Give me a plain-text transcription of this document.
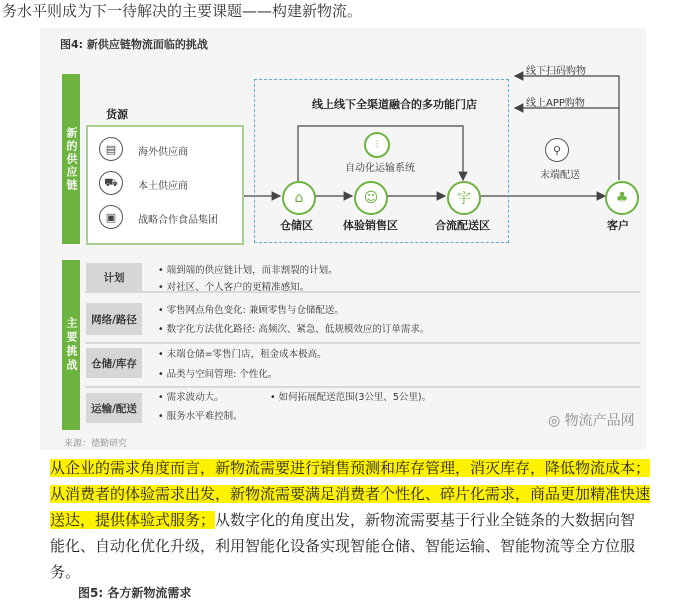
务水平则成为下一待解决的主要课题——构建新物流。
图4: 新供应链物流面临的挑战
新的供应链
货源
▤	海外供应商
⛟	本土供应商
▣	战略合作食品集团
线上线下全渠道融合的多功能门店
⫶
自动化运输系统
⌂
仓储区
☺
体验销售区
宇
合流配送区
线下扫码购物
线上APP购物
⚲
末端配送
♣
客户
主要挑战
计划
• 端到端的供应链计划，而非割裂的计划。
• 对社区、个人客户的更精准感知。
网络/路径
• 零售网点角色变化: 兼顾零售与仓储配送。
• 数字化方法优化路径: 高频次、紧急、低规模效应的订单需求。
仓储/库存
• 末端仓储=零售门店，租金成本极高。
• 品类与空间管理: 个性化。
运输/配送
• 需求波动大。	• 如何拓展配送范围(3公里、5公里)。
• 服务水平难控制。
来源：德勤研究
◎ 物流产品网
从企业的需求角度而言，新物流需要进行销售预测和库存管理，消灭库存，降低物流成本；从消费者的体验需求出发，新物流需要满足消费者个性化、碎片化需求，商品更加精准快速送达，提供体验式服务；从数字化的角度出发，新物流需要基于行业全链条的大数据向智能化、自动化优化升级，利用智能化设备实现智能仓储、智能运输、智能物流等全方位服务。
图5: 各方新物流需求
